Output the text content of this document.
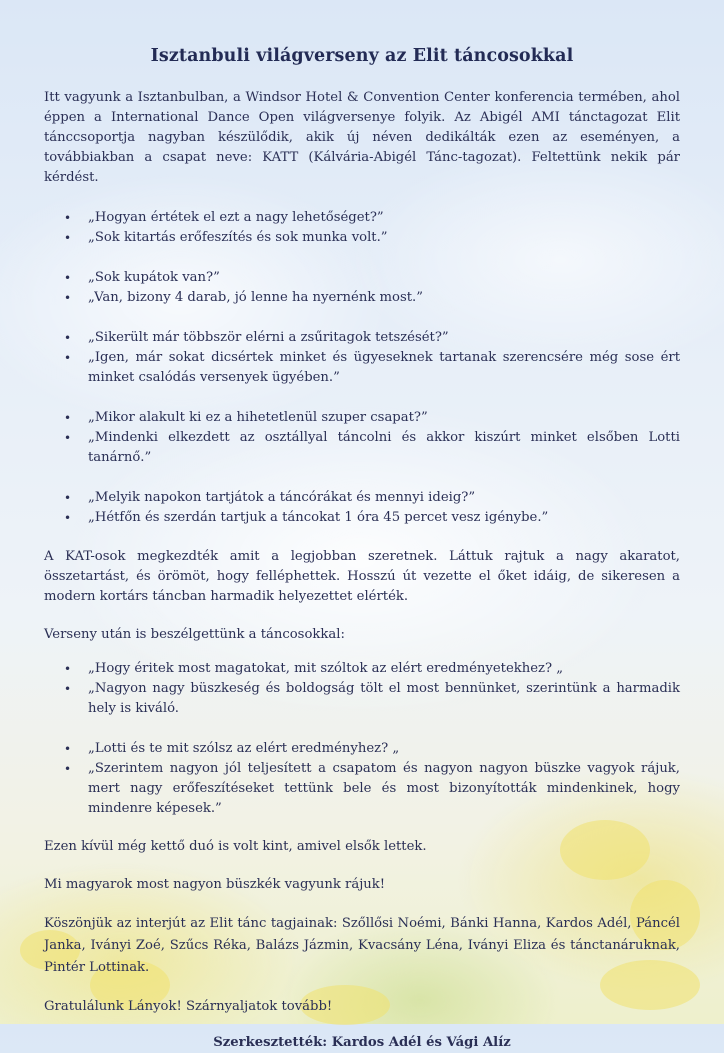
Isztanbuli világverseny az Elit táncosokkal

Itt vagyunk a Isztanbulban, a Windsor Hotel & Convention Center konferencia termében, ahol éppen a International Dance Open világversenye folyik. Az Abigél AMI tánctagozat Elit tánccsoportja nagyban készülődik, akik új néven dedikálták ezen az eseményen, a továbbiakban a csapat neve: KATT (Kálvária-Abigél Tánc-tagozat). Feltettünk nekik pár kérdést.

• „Hogyan értétek el ezt a nagy lehetőséget?”
• „Sok kitartás erőfeszítés és sok munka volt.”
• „Sok kupátok van?”
• „Van, bizony 4 darab, jó lenne ha nyernénk most.”
• „Sikerült már többször elérni a zsűritagok tetszését?”
• „Igen, már sokat dicsértek minket és ügyeseknek tartanak szerencsére még sose ért minket csalódás versenyek ügyében.”
• „Mikor alakult ki ez a hihetetlenül szuper csapat?”
• „Mindenki elkezdett az osztállyal táncolni és akkor kiszúrt minket elsőben Lotti tanárnő.”
• „Melyik napokon tartjátok a táncórákat és mennyi ideig?”
• „Hétfőn és szerdán tartjuk a táncokat 1 óra 45 percet vesz igénybe.”

A KAT-osok megkezdték amit a legjobban szeretnek. Láttuk rajtuk a nagy akaratot, összetartást, és örömöt, hogy felléphettek. Hosszú út vezette el őket idáig, de sikeresen a modern kortárs táncban harmadik helyezettet elérték.

Verseny után is beszélgettünk a táncosokkal:

• „Hogy éritek most magatokat, mit szóltok az elért eredményetekhez? „
• „Nagyon nagy büszkeség és boldogság tölt el most bennünket, szerintünk a harmadik hely is kiváló.
• „Lotti és te mit szólsz az elért eredményhez? „
• „Szerintem nagyon jól teljesített a csapatom és nagyon nagyon büszke vagyok rájuk, mert nagy erőfeszítéseket tettünk bele és most bizonyították mindenkinek, hogy mindenre képesek.”

Ezen kívül még kettő duó is volt kint, amivel elsők lettek.

Mi magyarok most nagyon büszkék vagyunk rájuk!

Köszönjük az interjút az Elit tánc tagjainak: Szőllősi Noémi, Bánki Hanna, Kardos Adél, Páncél Janka, Iványi Zoé, Szűcs Réka, Balázs Jázmin, Kvacsány Léna, Iványi Eliza és tánctanáruknak, Pintér Lottinak.

Gratulálunk Lányok! Szárnyaljatok tovább!

Szerkesztették: Kardos Adél és Vági Alíz
